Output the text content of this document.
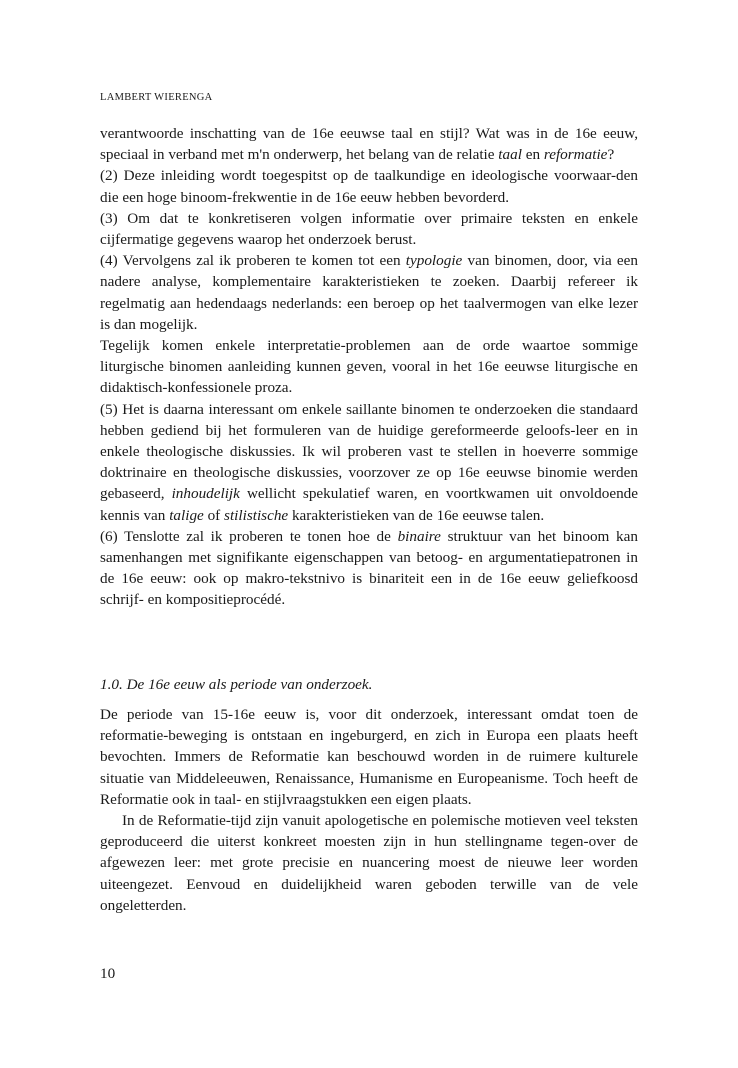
LAMBERT WIERENGA

verantwoorde inschatting van de 16e eeuwse taal en stijl? Wat was in de 16e eeuw, speciaal in verband met m'n onderwerp, het belang van de relatie taal en reformatie?

(2) Deze inleiding wordt toegespitst op de taalkundige en ideologische voorwaar-den die een hoge binoom-frekwentie in de 16e eeuw hebben bevorderd.

(3) Om dat te konkretiseren volgen informatie over primaire teksten en enkele cijfermatige gegevens waarop het onderzoek berust.

(4) Vervolgens zal ik proberen te komen tot een typologie van binomen, door, via een nadere analyse, komplementaire karakteristieken te zoeken. Daarbij refereer ik regelmatig aan hedendaags nederlands: een beroep op het taalvermogen van elke lezer is dan mogelijk.

Tegelijk komen enkele interpretatie-problemen aan de orde waartoe sommige liturgische binomen aanleiding kunnen geven, vooral in het 16e eeuwse liturgische en didaktisch-konfessionele proza.

(5) Het is daarna interessant om enkele saillante binomen te onderzoeken die standaard hebben gediend bij het formuleren van de huidige gereformeerde geloofs-leer en in enkele theologische diskussies. Ik wil proberen vast te stellen in hoeverre sommige doktrinaire en theologische diskussies, voorzover ze op 16e eeuwse binomie werden gebaseerd, inhoudelijk wellicht spekulatief waren, en voortkwamen uit onvoldoende kennis van talige of stilistische karakteristieken van de 16e eeuwse talen.

(6) Tenslotte zal ik proberen te tonen hoe de binaire struktuur van het binoom kan samenhangen met signifikante eigenschappen van betoog- en argumentatiepatronen in de 16e eeuw: ook op makro-tekstnivo is binariteit een in de 16e eeuw geliefkoosd schrijf- en kompositieprocédé.

1.0. De 16e eeuw als periode van onderzoek.

De periode van 15-16e eeuw is, voor dit onderzoek, interessant omdat toen de reformatie-beweging is ontstaan en ingeburgerd, en zich in Europa een plaats heeft bevochten. Immers de Reformatie kan beschouwd worden in de ruimere kulturele situatie van Middeleeuwen, Renaissance, Humanisme en Europeanisme. Toch heeft de Reformatie ook in taal- en stijlvraagstukken een eigen plaats.

In de Reformatie-tijd zijn vanuit apologetische en polemische motieven veel teksten geproduceerd die uiterst konkreet moesten zijn in hun stellingname tegen-over de afgewezen leer: met grote precisie en nuancering moest de nieuwe leer worden uiteengezet. Eenvoud en duidelijkheid waren geboden terwille van de vele ongeletterden.

10
